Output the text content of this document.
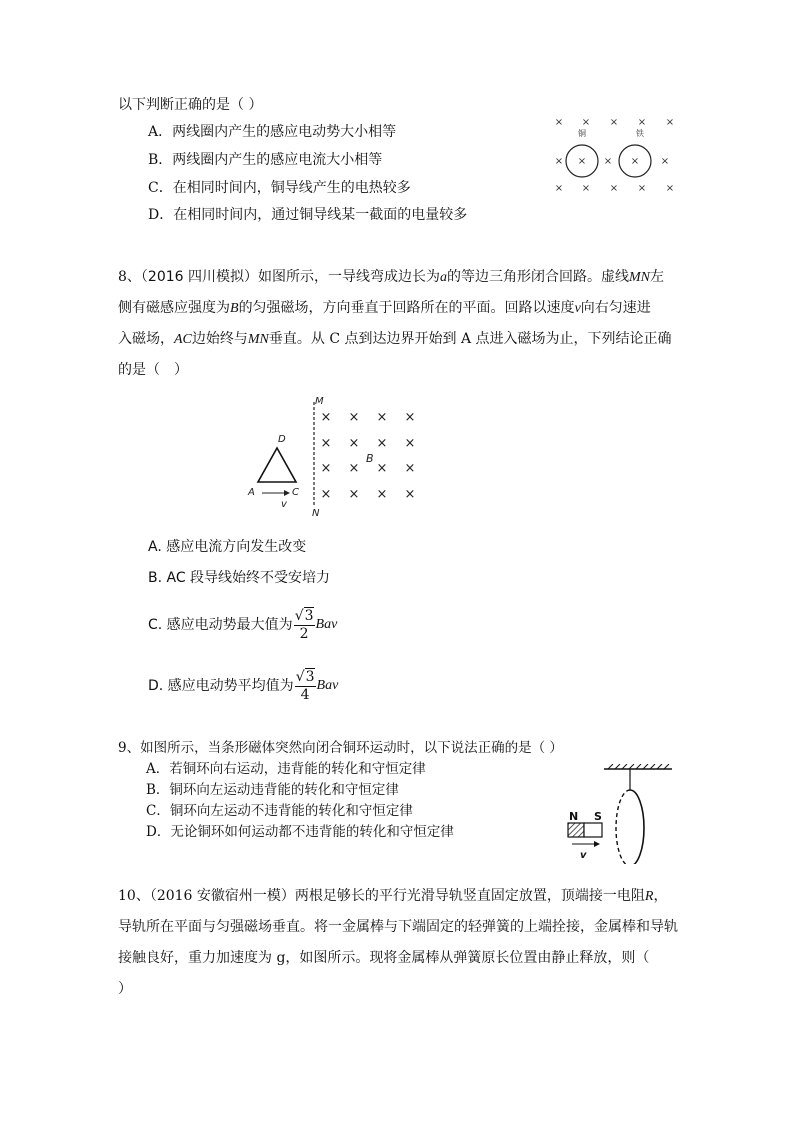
以下判断正确的是（ ）
A．两线圈内产生的感应电动势大小相等
B．两线圈内产生的感应电流大小相等
C．在相同时间内，铜导线产生的电热较多
D．在相同时间内，通过铜导线某一截面的电量较多
× × × × ×
×	×	×
×	×
× × × × ×
铜	铁
8、（2016 四川模拟）如图所示，一导线弯成边长为a的等边三角形闭合回路。虚线MN左
侧有磁感应强度为B的匀强磁场，方向垂直于回路所在的平面。回路以速度v向右匀速进
入磁场，AC边始终与MN垂直。从 C 点到达边界开始到 A 点进入磁场为止，下列结论正确
的是（　）
M
N
× × × ×
× × × ×
× × × ×
× × × ×
B
D
A	C
v
A. 感应电流方向发生改变
B. AC 段导线始终不受安培力
C. 感应电动势最大值为 $\frac{√3}{2}$ Bav
D. 感应电动势平均值为 $\frac{√3}{4}$ Bav
9、如图所示，当条形磁体突然向闭合铜环运动时，以下说法正确的是（ ）
A．若铜环向右运动，违背能的转化和守恒定律
B．铜环向左运动违背能的转化和守恒定律
C．铜环向左运动不违背能的转化和守恒定律
D．无论铜环如何运动都不违背能的转化和守恒定律
N S
v
10、（2016 安徽宿州一模）两根足够长的平行光滑导轨竖直固定放置，顶端接一电阻R，
导轨所在平面与匀强磁场垂直。将一金属棒与下端固定的轻弹簧的上端拴接，金属棒和导轨
接触良好，重力加速度为 g，如图所示。现将金属棒从弹簧原长位置由静止释放，则（
）
